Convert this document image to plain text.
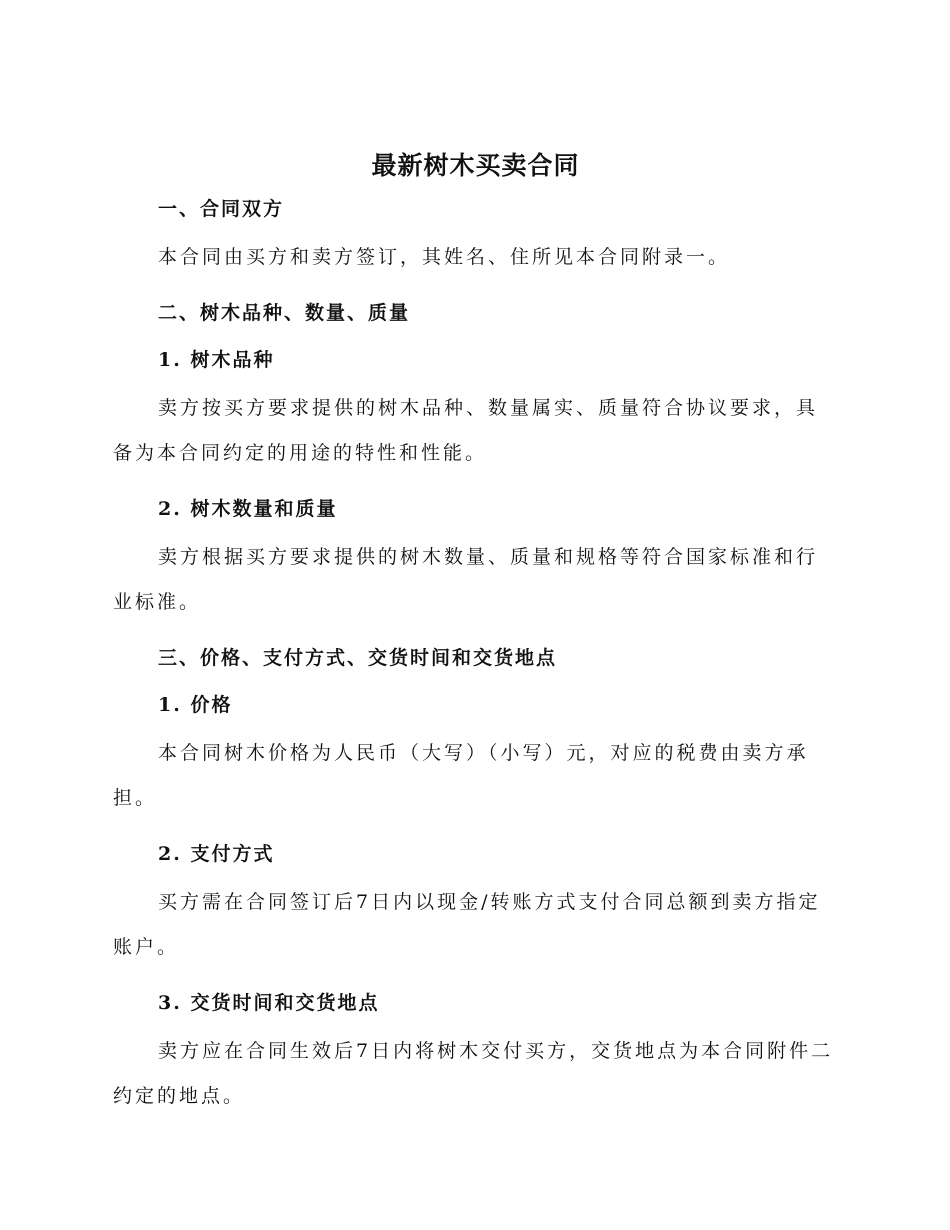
最新树木买卖合同
一、合同双方
本合同由买方和卖方签订，其姓名、住所见本合同附录一。
二、树木品种、数量、质量
1. 树木品种
卖方按买方要求提供的树木品种、数量属实、质量符合协议要求，具备为本合同约定的用途的特性和性能。
2. 树木数量和质量
卖方根据买方要求提供的树木数量、质量和规格等符合国家标准和行业标准。
三、价格、支付方式、交货时间和交货地点
1. 价格
本合同树木价格为人民币（大写）（小写）元，对应的税费由卖方承担。
2. 支付方式
买方需在合同签订后7日内以现金/转账方式支付合同总额到卖方指定账户。
3. 交货时间和交货地点
卖方应在合同生效后7日内将树木交付买方，交货地点为本合同附件二约定的地点。
